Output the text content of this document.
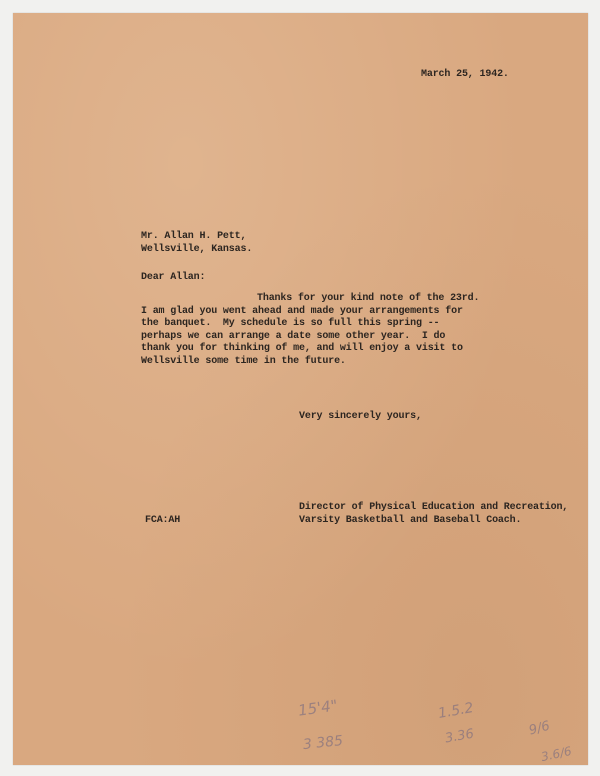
March 25, 1942.

Mr. Allan H. Pett,

Wellsville, Kansas.

Dear Allan:

Thanks for your kind note of the 23rd.

I am glad you went ahead and made your arrangements for

the banquet.  My schedule is so full this spring --

perhaps we can arrange a date some other year.  I do

thank you for thinking of me, and will enjoy a visit to

Wellsville some time in the future.

Very sincerely yours,

Director of Physical Education and Recreation,

Varsity Basketball and Baseball Coach.

FCA:AH

15'4"
3 385
1.5.2
3.36	9/6
3.6/6
